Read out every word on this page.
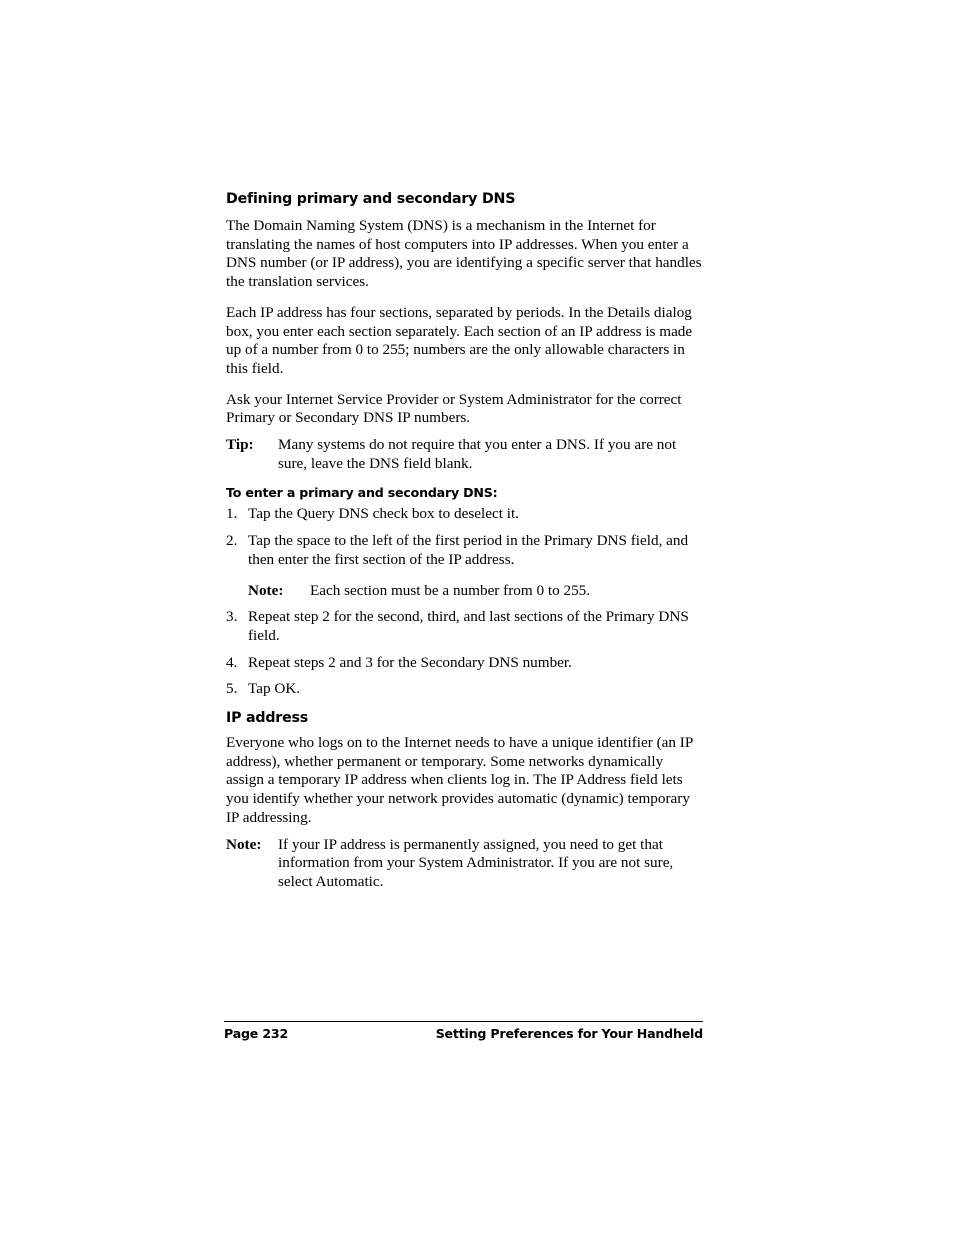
Defining primary and secondary DNS

The Domain Naming System (DNS) is a mechanism in the Internet for translating the names of host computers into IP addresses. When you enter a DNS number (or IP address), you are identifying a specific server that handles the translation services.

Each IP address has four sections, separated by periods. In the Details dialog box, you enter each section separately. Each section of an IP address is made up of a number from 0 to 255; numbers are the only allowable characters in this field.

Ask your Internet Service Provider or System Administrator for the correct Primary or Secondary DNS IP numbers.

Tip:	Many systems do not require that you enter a DNS. If you are not sure, leave the DNS field blank.
To enter a primary and secondary DNS:
1. Tap the Query DNS check box to deselect it.
2. Tap the space to the left of the first period in the Primary DNS field, and then enter the first section of the IP address.
Note:	Each section must be a number from 0 to 255.
3. Repeat step 2 for the second, third, and last sections of the Primary DNS field.
4. Repeat steps 2 and 3 for the Secondary DNS number.
5. Tap OK.
IP address

Everyone who logs on to the Internet needs to have a unique identifier (an IP address), whether permanent or temporary. Some networks dynamically assign a temporary IP address when clients log in. The IP Address field lets you identify whether your network provides automatic (dynamic) temporary IP addressing.

Note:	If your IP address is permanently assigned, you need to get that information from your System Administrator. If you are not sure, select Automatic.
Page 232	Setting Preferences for Your Handheld
